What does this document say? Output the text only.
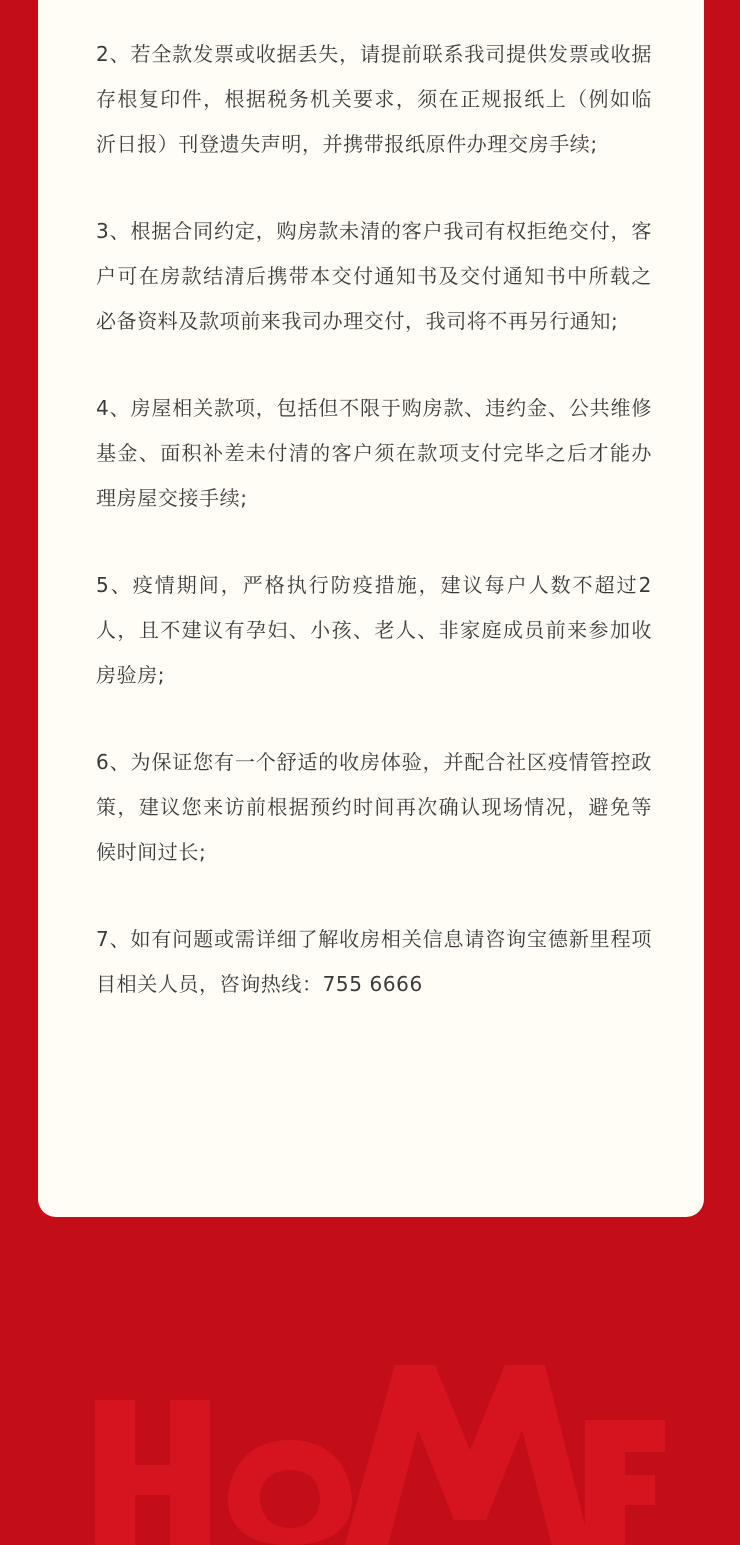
2、若全款发票或收据丢失，请提前联系我司提供发票或收据存根复印件，根据税务机关要求，须在正规报纸上（例如临沂日报）刊登遗失声明，并携带报纸原件办理交房手续;

3、根据合同约定，购房款未清的客户我司有权拒绝交付，客户可在房款结清后携带本交付通知书及交付通知书中所载之必备资料及款项前来我司办理交付，我司将不再另行通知;

4、房屋相关款项，包括但不限于购房款、违约金、公共维修基金、面积补差未付清的客户须在款项支付完毕之后才能办理房屋交接手续;

5、疫情期间，严格执行防疫措施，建议每户人数不超过2人，且不建议有孕妇、小孩、老人、非家庭成员前来参加收房验房;

6、为保证您有一个舒适的收房体验，并配合社区疫情管控政策，建议您来访前根据预约时间再次确认现场情况，避免等候时间过长;

7、如有问题或需详细了解收房相关信息请咨询宝德新里程项目相关人员，咨询热线：755 6666
